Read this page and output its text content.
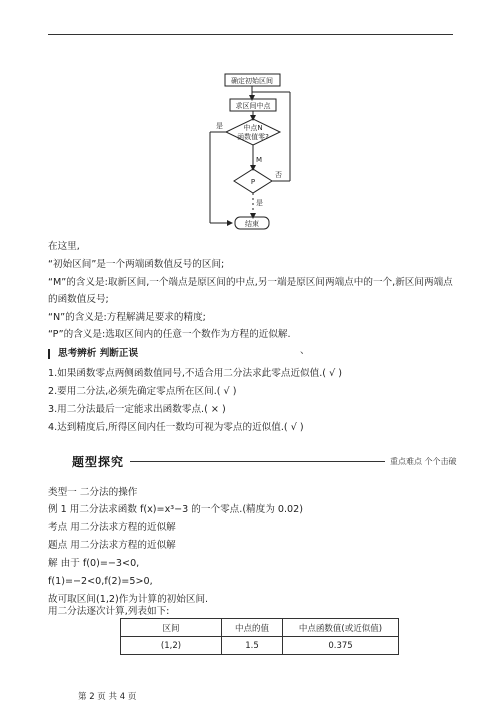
确定初始区间
求区间中点
中点N
函数值零?
是
M
P
否
是
结束
在这里,
“初始区间”是一个两端函数值反号的区间;
“M”的含义是:取新区间,一个端点是原区间的中点,另一端是原区间两端点中的一个,新区间两端点
的函数值反号;
“N”的含义是:方程解满足要求的精度;
“P”的含义是:选取区间内的任意一个数作为方程的近似解.
思考辨析 判断正误	、
1.如果函数零点两侧函数值同号,不适合用二分法求此零点近似值.( √ )
2.要用二分法,必须先确定零点所在区间.( √ )
3.用二分法最后一定能求出函数零点.( × )
4.达到精度后,所得区间内任一数均可视为零点的近似值.( √ )
题型探究	重点难点 个个击破
类型一 二分法的操作
例 1 用二分法求函数 f(x)=x³−3 的一个零点.(精度为 0.02)
考点 用二分法求方程的近似解
题点 用二分法求方程的近似解
解 由于 f(0)=−3<0,
f(1)=−2<0,f(2)=5>0,
故可取区间(1,2)作为计算的初始区间.
用二分法逐次计算,列表如下:
区间	中点的值	中点函数值(或近似值)
(1,2)	1.5	0.375
第 2 页 共 4 页
